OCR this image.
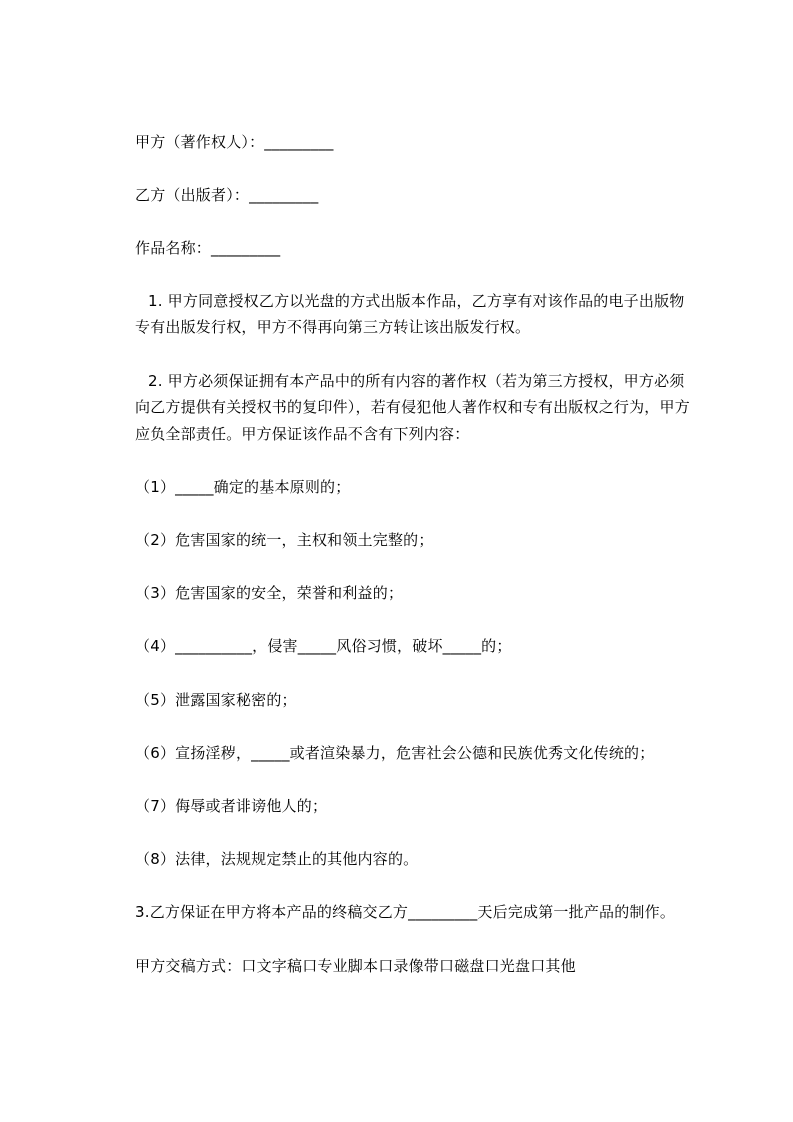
甲方（著作权人）：_________
乙方（出版者）：_________
作品名称：_________
1. 甲方同意授权乙方以光盘的方式出版本作品，乙方享有对该作品的电子出版物
专有出版发行权，甲方不得再向第三方转让该出版发行权。
2. 甲方必须保证拥有本产品中的所有内容的著作权（若为第三方授权，甲方必须
向乙方提供有关授权书的复印件），若有侵犯他人著作权和专有出版权之行为，甲方
应负全部责任。甲方保证该作品不含有下列内容：
（1）_____确定的基本原则的；
（2）危害国家的统一，主权和领土完整的；
（3）危害国家的安全，荣誉和利益的；
（4）__________，侵害_____风俗习惯，破坏_____的；
（5）泄露国家秘密的；
（6）宣扬淫秽，_____或者渲染暴力，危害社会公德和民族优秀文化传统的；
（7）侮辱或者诽谤他人的；
（8）法律，法规规定禁止的其他内容的。
3.乙方保证在甲方将本产品的终稿交乙方_________天后完成第一批产品的制作。
甲方交稿方式：口文字稿口专业脚本口录像带口磁盘口光盘口其他
